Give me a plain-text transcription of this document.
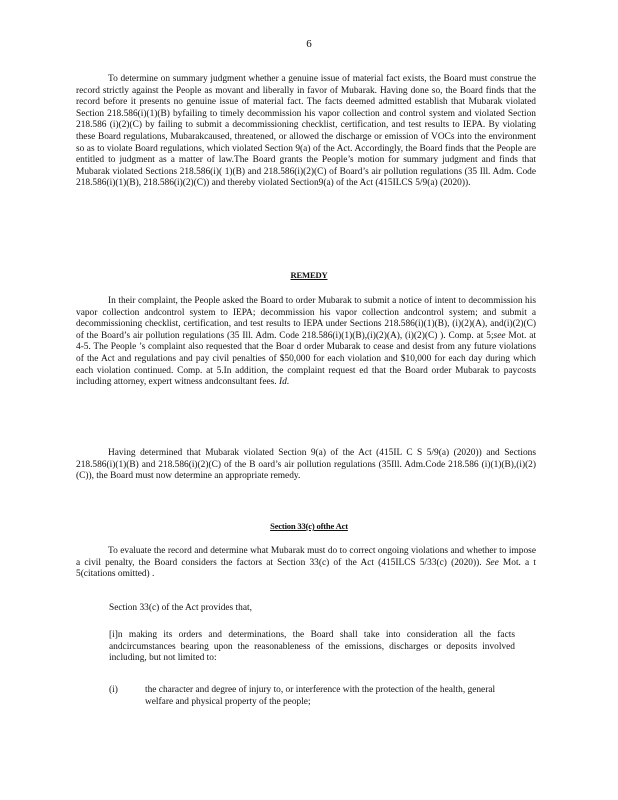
6

To determine on summary judgment whether a genuine issue of material fact exists, the Board must construe the record strictly against the People as movant and liberally in favor of Mubarak. Having done so, the Board finds that the record before it presents no genuine issue of material fact. The facts deemed admitted establish that Mubarak violated Section 218.586(i)(1)(B) byfailing to timely decommission his vapor collection and control system and violated Section 218.586 (i)(2)(C) by failing to submit a decommissioning checklist, certification, and test results to IEPA. By violating these Board regulations, Mubarakcaused, threatened, or allowed the discharge or emission of VOCs into the environment so as to violate Board regulations, which violated Section 9(a) of the Act. Accordingly, the Board finds that the People are entitled to judgment as a matter of law.The Board grants the People’s motion for summary judgment and finds that Mubarak violated Sections 218.586(i)( 1)(B) and 218.586(i)(2)(C) of Board’s air pollution regulations (35 Ill. Adm. Code 218.586(i)(1)(B), 218.586(i)(2)(C)) and thereby violated Section9(a) of the Act (415ILCS 5/9(a) (2020)).

REMEDY

In their complaint, the People asked the Board to order Mubarak to submit a notice of intent to decommission his vapor collection andcontrol system to IEPA; decommission his vapor collection andcontrol system; and submit a decommissioning checklist, certification, and test results to IEPA under Sections 218.586(i)(1)(B), (i)(2)(A), and(i)(2)(C) of the Board’s air pollution regulations (35 Ill. Adm. Code 218.586(i)(1)(B),(i)(2)(A), (i)(2)(C) ). Comp. at 5;see Mot. at 4-5. The People ’s complaint also requested that the Boar d order Mubarak to cease and desist from any future violations of the Act and regulations and pay civil penalties of $50,000 for each violation and $10,000 for each day during which each violation continued. Comp. at 5.In addition, the complaint request ed that the Board order Mubarak to paycosts including attorney, expert witness andconsultant fees. Id.

Having determined that Mubarak violated Section 9(a) of the Act (415IL C S 5/9(a) (2020)) and Sections 218.586(i)(1)(B) and 218.586(i)(2)(C) of the B oard’s air pollution regulations (35Ill. Adm.Code 218.586 (i)(1)(B),(i)(2)(C)), the Board must now determine an appropriate remedy.

Section 33(c) ofthe Act

To evaluate the record and determine what Mubarak must do to correct ongoing violations and whether to impose a civil penalty, the Board considers the factors at Section 33(c) of the Act (415ILCS 5/33(c) (2020)). See Mot. a t 5(citations omitted) .

Section 33(c) of the Act provides that,

[i]n making its orders and determinations, the Board shall take into consideration all the facts andcircumstances bearing upon the reasonableness of the emissions, discharges or deposits involved including, but not limited to:

(i)	the character and degree of injury to, or interference with the protection of the health, general welfare and physical property of the people;
